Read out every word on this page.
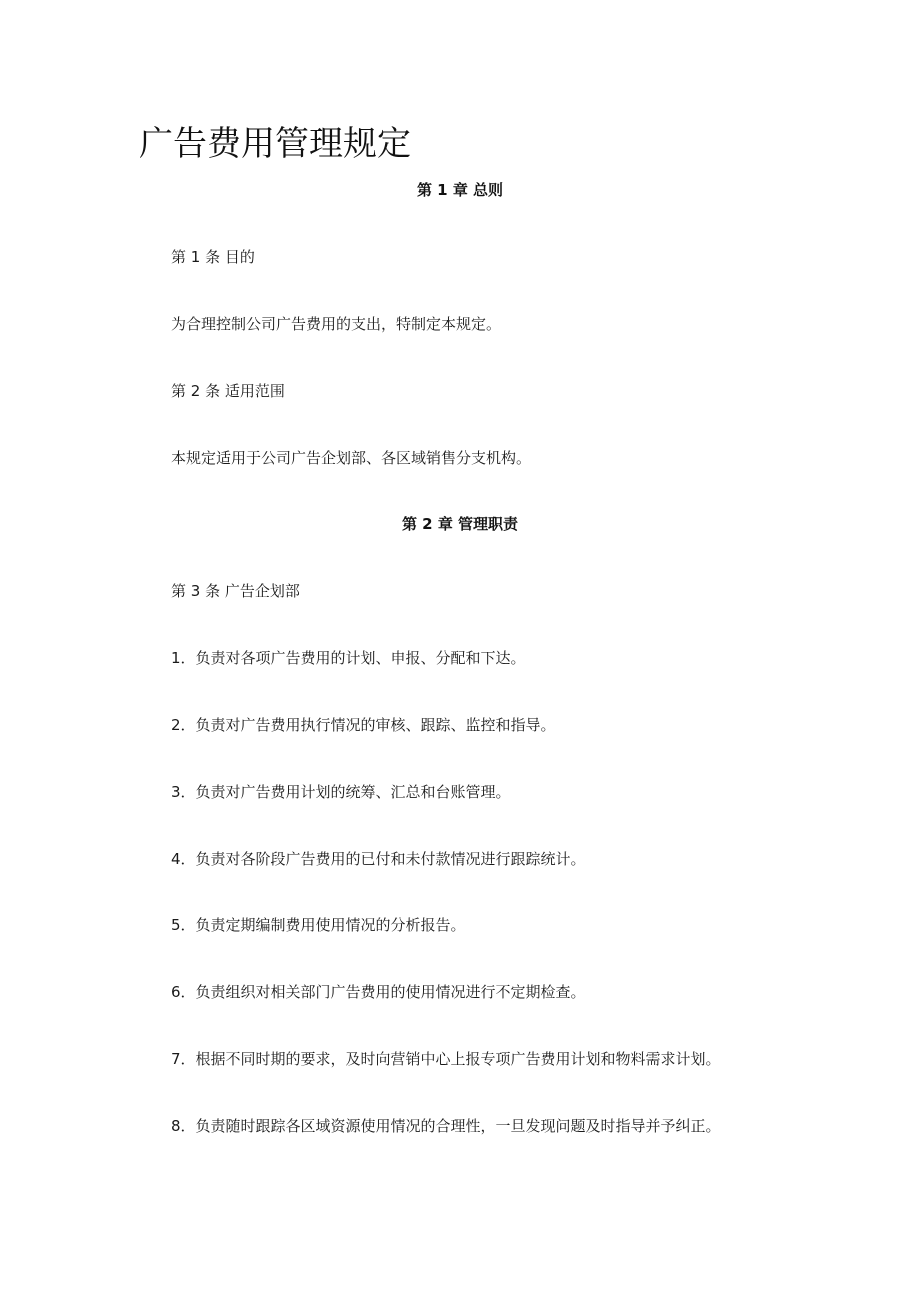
广告费用管理规定

第 1 章 总则

第 1 条 目的

为合理控制公司广告费用的支出，特制定本规定。

第 2 条 适用范围

本规定适用于公司广告企划部、各区域销售分支机构。

第 2 章 管理职责

第 3 条 广告企划部

1．负责对各项广告费用的计划、申报、分配和下达。

2．负责对广告费用执行情况的审核、跟踪、监控和指导。

3．负责对广告费用计划的统筹、汇总和台账管理。

4．负责对各阶段广告费用的已付和未付款情况进行跟踪统计。

5．负责定期编制费用使用情况的分析报告。

6．负责组织对相关部门广告费用的使用情况进行不定期检查。

7．根据不同时期的要求，及时向营销中心上报专项广告费用计划和物料需求计划。

8．负责随时跟踪各区域资源使用情况的合理性，一旦发现问题及时指导并予纠正。
